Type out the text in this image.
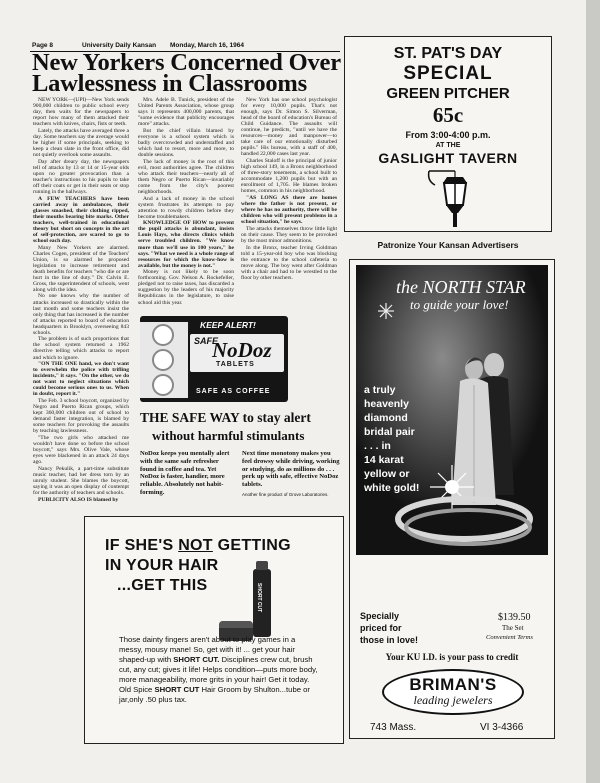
Page 8	University Daily Kansan Monday, March 16, 1964
New Yorkers Concerned Over Lawlessness in Classrooms

NEW YORK—(UPI)—New York sends 900,000 children to public school every day, then waits for the newspapers to report how many of them attacked their teachers with knives, chairs, fists or teeth.

Lately, the attacks have averaged three a day. Some teachers say the average would be higher if some principals, seeking to keep a clean slate in the front office, did not quietly overlook some assaults.

Day after dreary day, the newspapers tell of attacks by 13 or 14 or 15-year olds upon no greater provocation than a teacher's instructions to his pupils to take off their coats or get in their seats or stop running in the hallways.

A FEW TEACHERS have been carried away in ambulances, their glasses smashed, their clothing ripped, their mouths bearing bite marks. Other teachers, well-trained in educational theory but short on concepts in the art of self-protection, are scared to go to school each day.

Many New Yorkers are alarmed. Charles Cogen, president of the Teachers' Union, is so alarmed he proposed legislation to increase retirement and death benefits for teachers "who die or are hurt in the line of duty." Dr. Calvin E. Gross, the superintendent of schools, went along with the idea.

No one knows why the number of attacks increased so drastically within the last month and some teachers insist the only thing that has increased is the number of attacks reported to board of education headquarters in Brooklyn, overseeing 843 schools.

The problem is of such proportions that the school system returned a 1962 directive telling which attacks to report and which to ignore.

"ON THE ONE hand, we don't want to overwhelm the police with trifling incidents," it says. "On the other, we do not want to neglect situations which could become serious ones to us. When in doubt, report it."

The Feb. 3 school boycott, organized by Negro and Puerto Rican groups, which kept 360,000 children out of school to demand faster integration, is blamed by some teachers for provoking the assaults by teaching lawlessness.

"The two girls who attacked me wouldn't have done so before the school boycott," says Mrs. Olive Vale, whose eyes were blackened in an attack 24 days ago.

Nancy Pekulik, a part-time substitute music teacher, had her dress torn by an unruly student. She blames the boycott, saying it was an open display of contempt for the authority of teachers and schools.

PUBLICITY ALSO IS blamed by

Mrs. Adele B. Tunick, president of the United Parents Association, whose group says it represents 400,000 parents, that "some evidence that publicity encourages more" attacks.

But the chief villain blamed by everyone is a school system which is badly overcrowded and understaffed and which had to resort, more and more, to double sessions.

The lack of money is the root of this evil, most authorities agree. The children who attack their teachers—nearly all of them Negro or Puerto Rican—invariably come from the city's poorest neighborhoods.

And a lack of money in the school system frustrates its attempts to pay attention to rowdy children before they become troublemakers.

KNOWLEDGE OF HOW to prevent the pupil attacks is abundant, insists Louis Hays, who directs clinics which serve troubled children. "We know more than we'll use in 100 years," he says. "What we need is a whole range of resources for which the know-how is available, but the money is not."

Money is not likely to be soon forthcoming. Gov. Nelson A. Rockefeller, pledged not to raise taxes, has discarded a suggestion by the leaders of his majority Republicans in the legislature, to raise school aid this year.

New York has one school psychologist for every 10,000 pupils. That's not enough, says Dr. Simon S. Silverman, head of the board of education's Bureau of Child Guidance. The assaults will continue, he predicts, "until we have the resources—money and manpower—to take care of our emotionally disturbed pupils." His bureau, with a staff of 400, handled 22,000 cases last year.

Charles Staloff is the principal of junior high school 149, in a Bronx neighborhood of three-story tenements, a school built to accommodate 1,200 pupils but with an enrollment of 1,705. He blames broken homes, common in his neighborhood.

"AS LONG AS there are homes where the father is not present, or where he has no authority, there will be children who will present problems in a school situation," he says.

The attacks themselves throw little light on their cause. They seem to be provoked by the most minor admonitions.

In the Bronx, teacher Irving Goldman told a 15-year-old boy who was blocking the entrance to the school cafeteria to move along. The boy went after Goldman with a chair and had to be wrestled to the floor by other teachers.

ST. PAT'S DAY
SPECIAL
GREEN PITCHER
65c
From 3:00-4:00 p.m.
AT THE
GASLIGHT TAVERN
Patronize Your Kansan Advertisers
the NORTH STAR
to guide your love!
a truly
heavenly
diamond
bridal pair
. . . in
14 karat
yellow or
white gold!
Specially
priced for
those in love!
$139.50
The Set
Convenient Terms
Your KU I.D. is your pass to credit
BRIMAN'S
leading jewelers
743 Mass.	VI 3-4366
KEEP ALERT!
SAFE
NoDoz
TABLETS
SAFE AS COFFEE
THE SAFE WAY to stay alert
without harmful stimulants
NoDoz keeps you mentally alert with the same safe refresher found in coffee and tea. Yet NoDoz is faster, handier, more reliable. Absolutely not habit-forming.
Next time monotony makes you feel drowsy while driving, working or studying, do as millions do . . . perk up with safe, effective NoDoz tablets.
Another fine product of Grove Laboratories.
IF SHE'S NOT GETTING
IN YOUR HAIR
...GET THIS	SHORT CUT
Those dainty fingers aren't about to play games in a messy, mousy mane! So, get with it! ... get your hair shaped-up with SHORT CUT. Disciplines crew cut, brush cut, any cut; gives it life! Helps condition—puts more body, more manageability, more grits in your hair! Get it today. Old Spice SHORT CUT Hair Groom by Shulton...tube or jar,only .50 plus tax.
